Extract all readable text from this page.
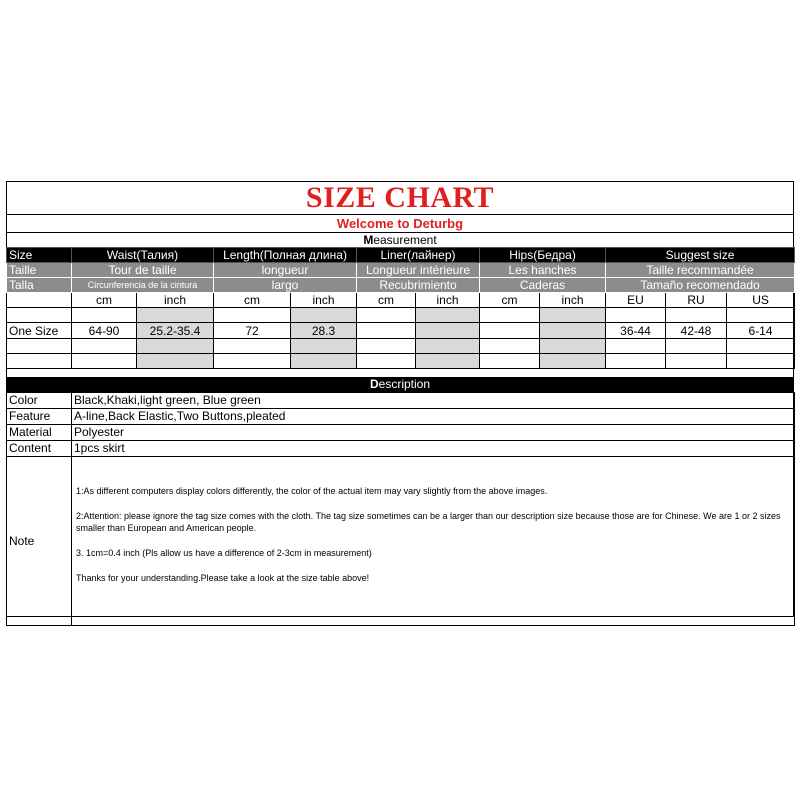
SIZE CHART
Welcome to Deturbg
Measurement
Size	Waist(Талия)		Length(Полная длина)		Liner(лайнер)		Hips(Бедра)		Suggest size		
Taille	Tour de taille		longueur		Longueur intérieure		Les hanches		Taille recommandée		
Talla	Circunferencia de la cintura		largo		Recubrimiento		Caderas		Tamaño recomendado		
	cm	inch	cm	inch	cm	inch	cm	inch	EU	RU	US

One Size	64-90	25.2-35.4	72	28.3					36-44	42-48	6-14

Description
Color	Black,Khaki,light green, Blue green
Feature	A-line,Back Elastic,Two Buttons,pleated
Material	Polyester
Content	1pcs skirt
Note	1:As different computers display colors differently, the color of the actual item may vary slightly from the above images.

2:Attention: please ignore the tag size comes with the cloth. The tag size sometimes can be a larger than our description size because those are for Chinese. We are 1 or 2 sizes smaller than European and American people.

3. 1cm=0.4 inch (Pls allow us have a difference of 2-3cm in measurement)

Thanks for your understanding.Please take a look at the size table above!
